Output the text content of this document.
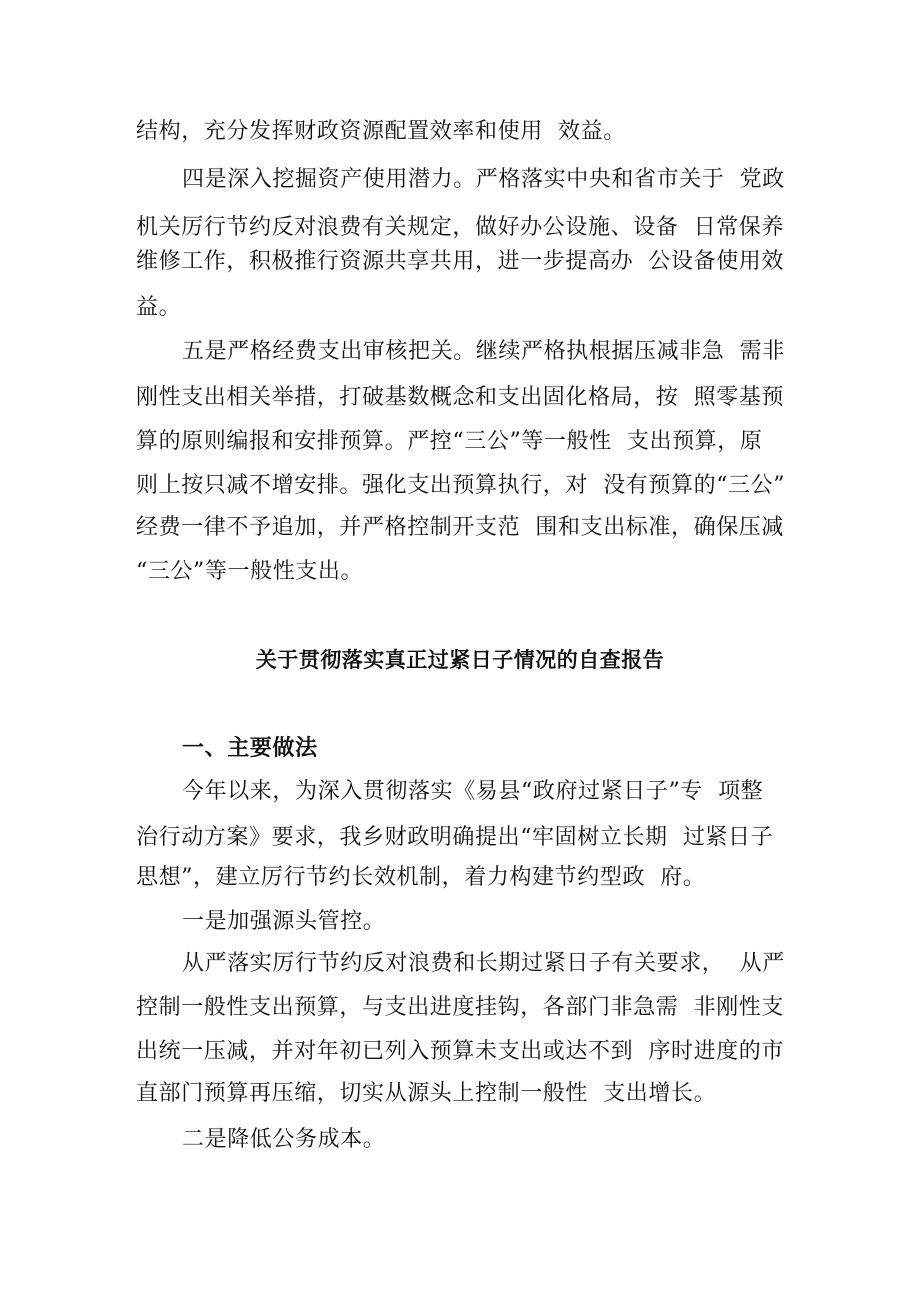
结构，充分发挥财政资源配置效率和使用  效益。
四是深入挖掘资产使用潜力。严格落实中央和省市关于  党政
机关厉行节约反对浪费有关规定，做好办公设施、设备  日常保养
维修工作，积极推行资源共享共用，进一步提高办  公设备使用效
益。
五是严格经费支出审核把关。继续严格执根据压减非急  需非
刚性支出相关举措，打破基数概念和支出固化格局，按  照零基预
算的原则编报和安排预算。严控“三公”等一般性  支出预算，原
则上按只减不增安排。强化支出预算执行，对  没有预算的“三公”
经费一律不予追加，并严格控制开支范  围和支出标准，确保压减
“三公”等一般性支出。
关于贯彻落实真正过紧日子情况的自查报告
一、主要做法
今年以来，为深入贯彻落实《易县“政府过紧日子”专  项整
治行动方案》要求，我乡财政明确提出“牢固树立长期  过紧日子
思想”，建立厉行节约长效机制，着力构建节约型政  府。
一是加强源头管控。
从严落实厉行节约反对浪费和长期过紧日子有关要求，  从严
控制一般性支出预算，与支出进度挂钩，各部门非急需  非刚性支
出统一压减，并对年初已列入预算未支出或达不到  序时进度的市
直部门预算再压缩，切实从源头上控制一般性  支出增长。
二是降低公务成本。
